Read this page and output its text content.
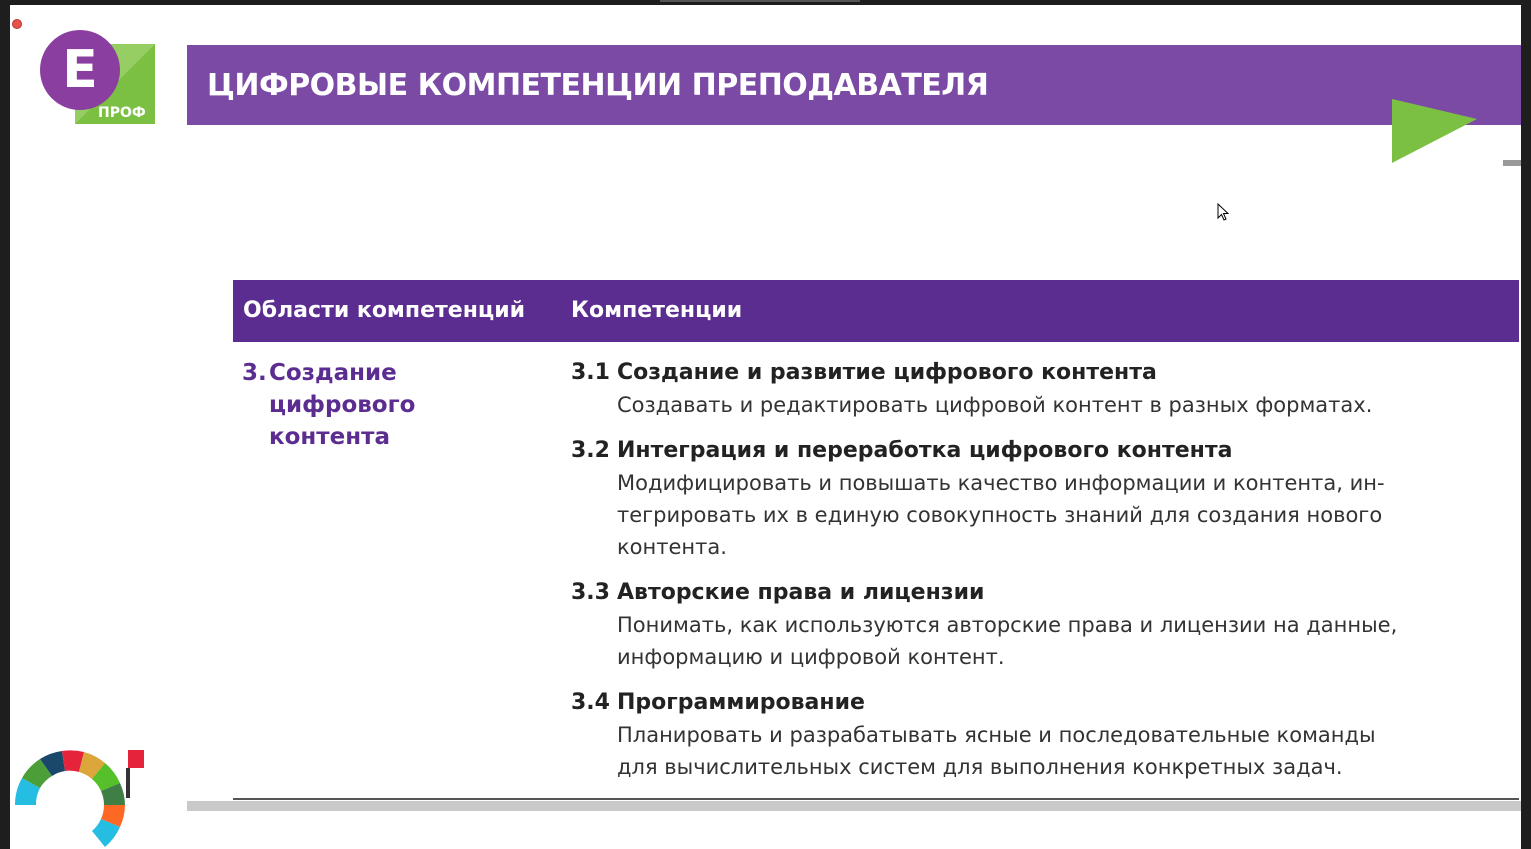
E
ПРОФ
ЦИФРОВЫЕ КОМПЕТЕНЦИИ ПРЕПОДАВАТЕЛЯ
Области компетенций Компетенции
3.Создание
цифрового
контента
3.1 Создание и развитие цифрового контента
Создавать и редактировать цифровой контент в разных форматах.
3.2 Интеграция и переработка цифрового контента
Модифицировать и повышать качество информации и контента, ин-
тегрировать их в единую совокупность знаний для создания нового
контента.
3.3 Авторские права и лицензии
Понимать, как используются авторские права и лицензии на данные,
информацию и цифровой контент.
3.4 Программирование
Планировать и разрабатывать ясные и последовательные команды
для вычислительных систем для выполнения конкретных задач.
